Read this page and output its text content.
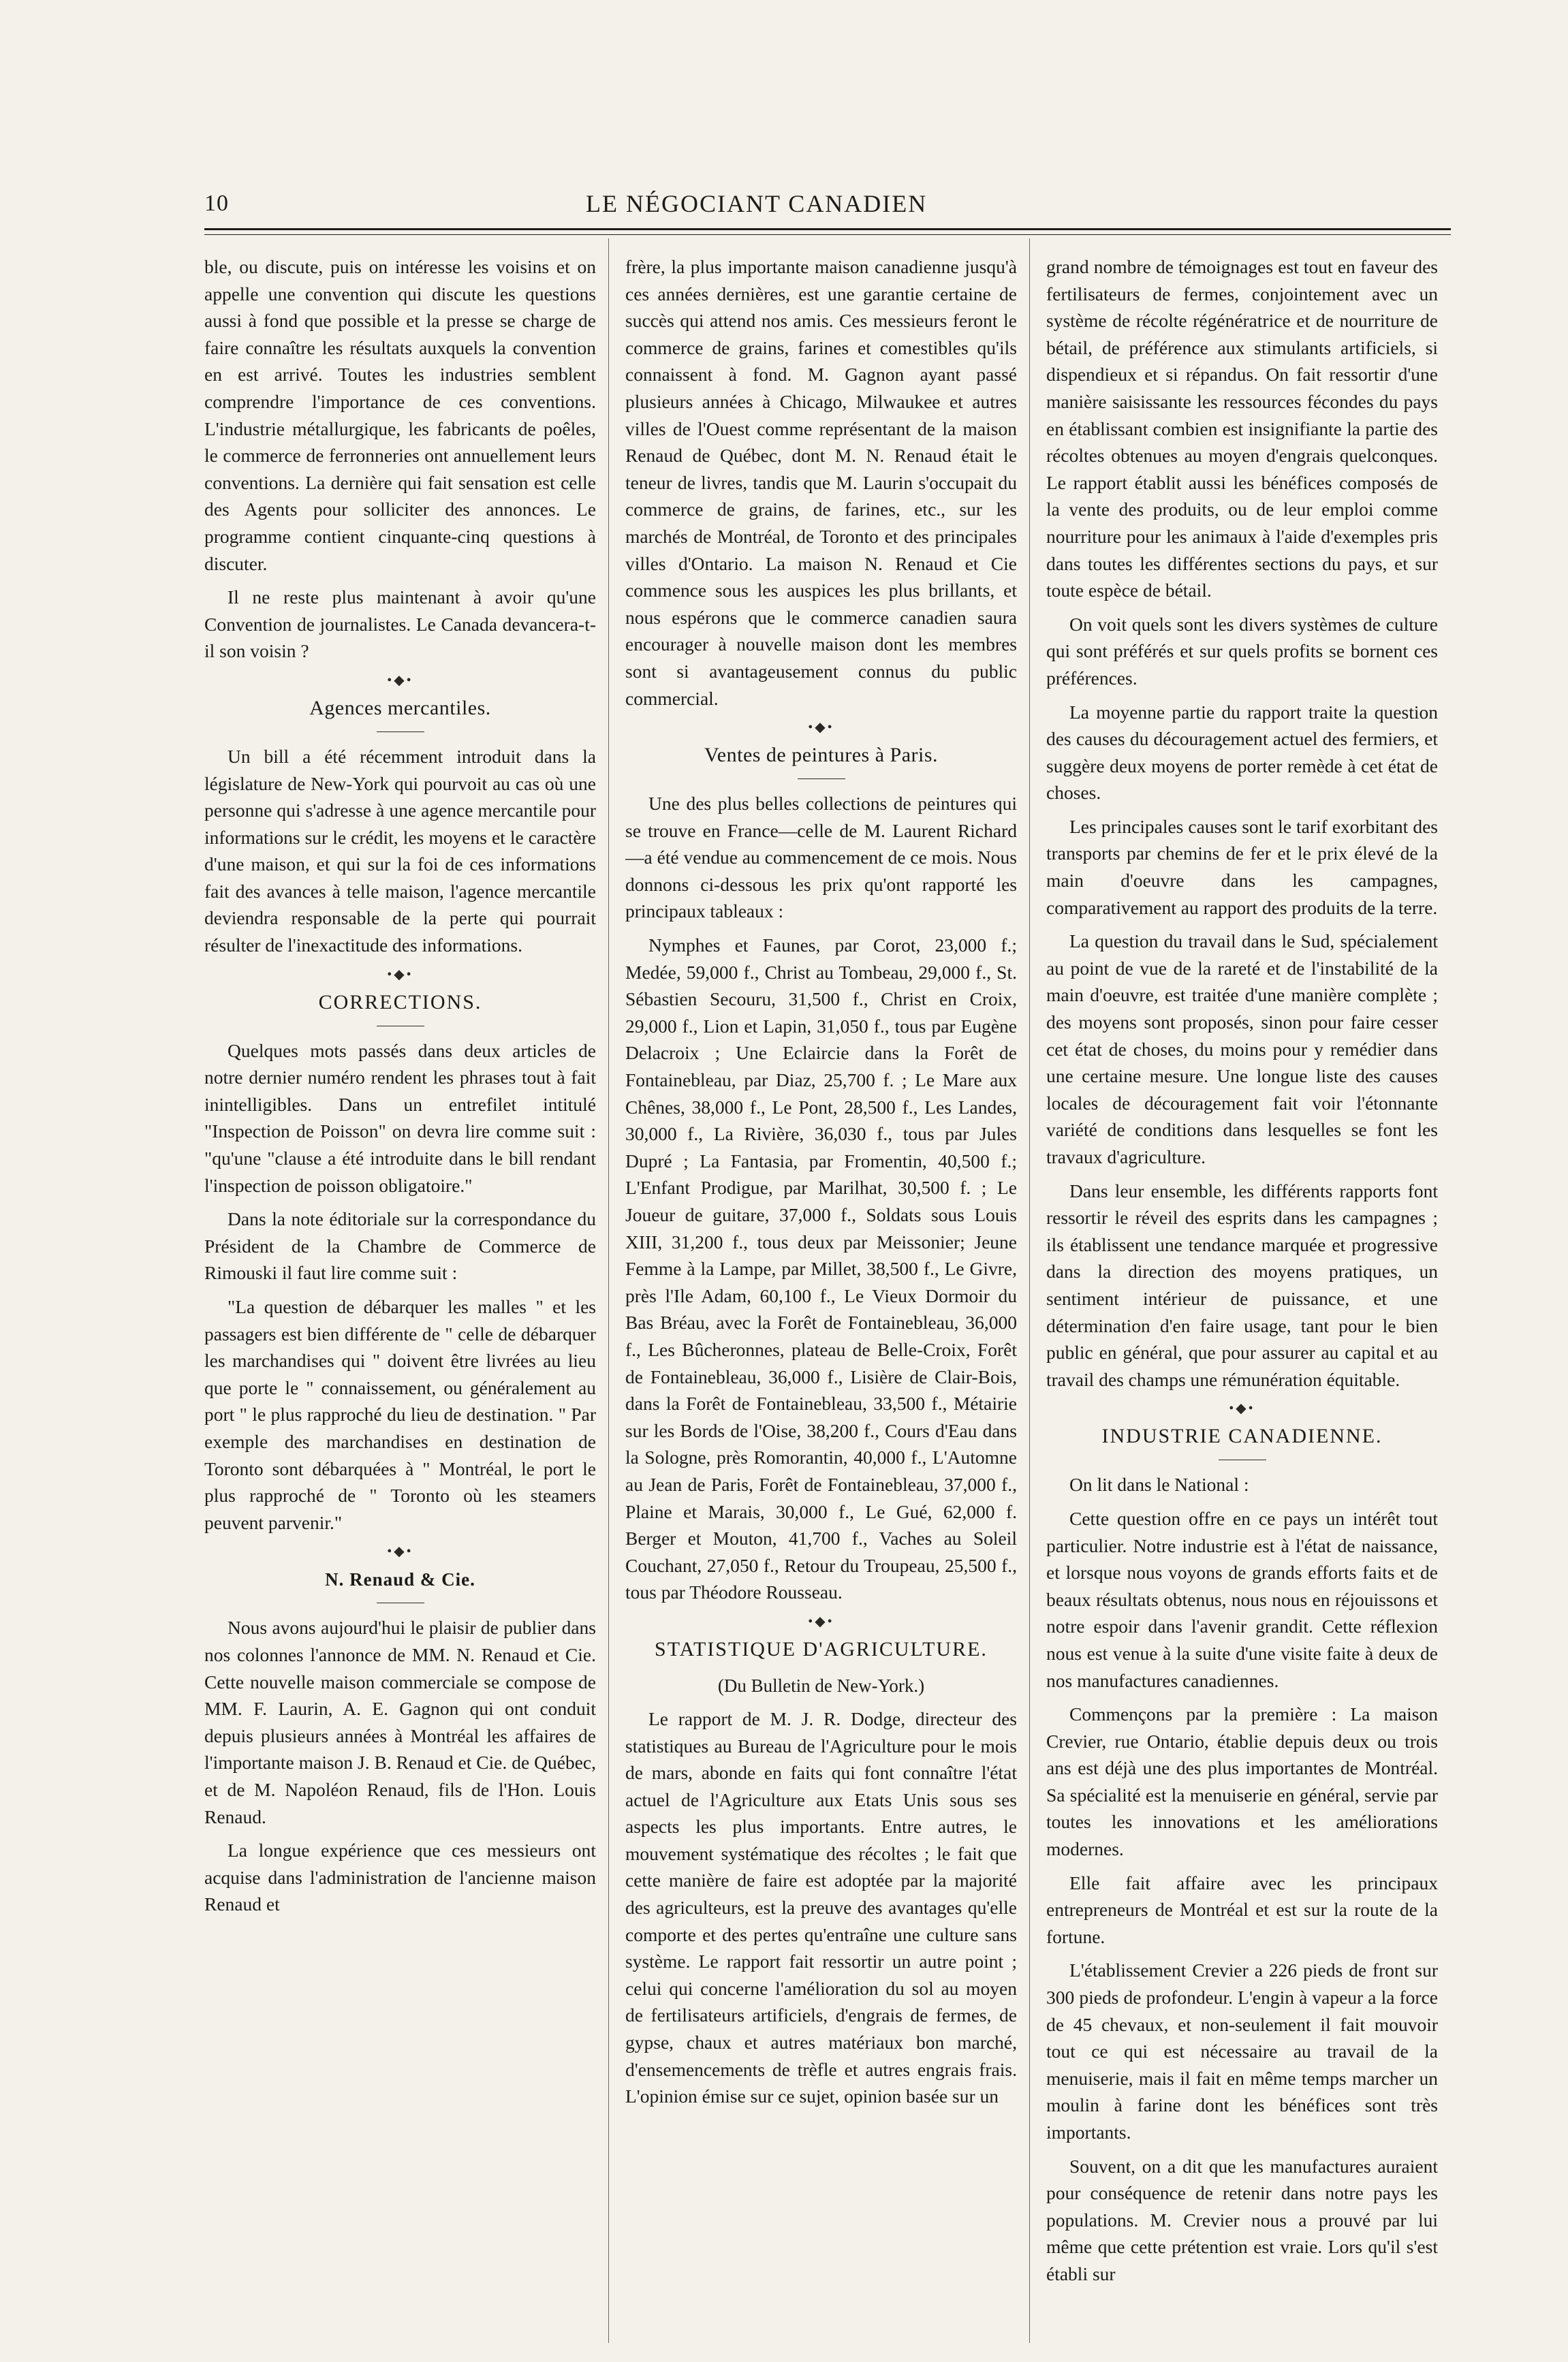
10	LE NÉGOCIANT CANADIEN

ble, ou discute, puis on intéresse les voisins et on appelle une convention qui discute les questions aussi à fond que possible et la presse se charge de faire connaître les résultats auxquels la convention en est arrivé. Toutes les industries semblent comprendre l'importance de ces conventions. L'industrie métallurgique, les fabricants de poêles, le commerce de ferronneries ont annuellement leurs conventions. La dernière qui fait sensation est celle des Agents pour solliciter des annonces. Le programme contient cinquante-cinq questions à discuter.

Il ne reste plus maintenant à avoir qu'une Convention de journalistes. Le Canada devancera-t-il son voisin ?

•◆•
Agences mercantiles.

Un bill a été récemment introduit dans la législature de New-York qui pourvoit au cas où une personne qui s'adresse à une agence mercantile pour informations sur le crédit, les moyens et le caractère d'une maison, et qui sur la foi de ces informations fait des avances à telle maison, l'agence mercantile deviendra responsable de la perte qui pourrait résulter de l'inexactitude des informations.

•◆•
CORRECTIONS.

Quelques mots passés dans deux articles de notre dernier numéro rendent les phrases tout à fait inintelligibles. Dans un entrefilet intitulé "Inspection de Poisson" on devra lire comme suit : "qu'une "clause a été introduite dans le bill rendant l'inspection de poisson obligatoire."

Dans la note éditoriale sur la correspondance du Président de la Chambre de Commerce de Rimouski il faut lire comme suit :

"La question de débarquer les malles " et les passagers est bien différente de " celle de débarquer les marchandises qui " doivent être livrées au lieu que porte le " connaissement, ou généralement au port " le plus rapproché du lieu de destination. " Par exemple des marchandises en destination de Toronto sont débarquées à " Montréal, le port le plus rapproché de " Toronto où les steamers peuvent parvenir."

•◆•
N. Renaud & Cie.

Nous avons aujourd'hui le plaisir de publier dans nos colonnes l'annonce de MM. N. Renaud et Cie. Cette nouvelle maison commerciale se compose de MM. F. Laurin, A. E. Gagnon qui ont conduit depuis plusieurs années à Montréal les affaires de l'importante maison J. B. Renaud et Cie. de Québec, et de M. Napoléon Renaud, fils de l'Hon. Louis Renaud.

La longue expérience que ces messieurs ont acquise dans l'administration de l'ancienne maison Renaud et

frère, la plus importante maison canadienne jusqu'à ces années dernières, est une garantie certaine de succès qui attend nos amis. Ces messieurs feront le commerce de grains, farines et comestibles qu'ils connaissent à fond. M. Gagnon ayant passé plusieurs années à Chicago, Milwaukee et autres villes de l'Ouest comme représentant de la maison Renaud de Québec, dont M. N. Renaud était le teneur de livres, tandis que M. Laurin s'occupait du commerce de grains, de farines, etc., sur les marchés de Montréal, de Toronto et des principales villes d'Ontario. La maison N. Renaud et Cie commence sous les auspices les plus brillants, et nous espérons que le commerce canadien saura encourager à nouvelle maison dont les membres sont si avantageusement connus du public commercial.

•◆•
Ventes de peintures à Paris.

Une des plus belles collections de peintures qui se trouve en France—celle de M. Laurent Richard—a été vendue au commencement de ce mois. Nous donnons ci-dessous les prix qu'ont rapporté les principaux tableaux :

Nymphes et Faunes, par Corot, 23,000 f.; Medée, 59,000 f., Christ au Tombeau, 29,000 f., St. Sébastien Secouru, 31,500 f., Christ en Croix, 29,000 f., Lion et Lapin, 31,050 f., tous par Eugène Delacroix ; Une Eclaircie dans la Forêt de Fontainebleau, par Diaz, 25,700 f. ; Le Mare aux Chênes, 38,000 f., Le Pont, 28,500 f., Les Landes, 30,000 f., La Rivière, 36,030 f., tous par Jules Dupré ; La Fantasia, par Fromentin, 40,500 f.; L'Enfant Prodigue, par Marilhat, 30,500 f. ; Le Joueur de guitare, 37,000 f., Soldats sous Louis XIII, 31,200 f., tous deux par Meissonier; Jeune Femme à la Lampe, par Millet, 38,500 f., Le Givre, près l'Ile Adam, 60,100 f., Le Vieux Dormoir du Bas Bréau, avec la Forêt de Fontainebleau, 36,000 f., Les Bûcheronnes, plateau de Belle-Croix, Forêt de Fontainebleau, 36,000 f., Lisière de Clair-Bois, dans la Forêt de Fontainebleau, 33,500 f., Métairie sur les Bords de l'Oise, 38,200 f., Cours d'Eau dans la Sologne, près Romorantin, 40,000 f., L'Automne au Jean de Paris, Forêt de Fontainebleau, 37,000 f., Plaine et Marais, 30,000 f., Le Gué, 62,000 f. Berger et Mouton, 41,700 f., Vaches au Soleil Couchant, 27,050 f., Retour du Troupeau, 25,500 f., tous par Théodore Rousseau.

•◆•
STATISTIQUE D'AGRICULTURE.
(Du Bulletin de New-York.)

Le rapport de M. J. R. Dodge, directeur des statistiques au Bureau de l'Agriculture pour le mois de mars, abonde en faits qui font connaître l'état actuel de l'Agriculture aux Etats Unis sous ses aspects les plus importants. Entre autres, le mouvement systématique des récoltes ; le fait que cette manière de faire est adoptée par la majorité des agriculteurs, est la preuve des avantages qu'elle comporte et des pertes qu'entraîne une culture sans système. Le rapport fait ressortir un autre point ; celui qui concerne l'amélioration du sol au moyen de fertilisateurs artificiels, d'engrais de fermes, de gypse, chaux et autres matériaux bon marché, d'ensemencements de trèfle et autres engrais frais. L'opinion émise sur ce sujet, opinion basée sur un

grand nombre de témoignages est tout en faveur des fertilisateurs de fermes, conjointement avec un système de récolte régénératrice et de nourriture de bétail, de préférence aux stimulants artificiels, si dispendieux et si répandus. On fait ressortir d'une manière saisissante les ressources fécondes du pays en établissant combien est insignifiante la partie des récoltes obtenues au moyen d'engrais quelconques. Le rapport établit aussi les bénéfices composés de la vente des produits, ou de leur emploi comme nourriture pour les animaux à l'aide d'exemples pris dans toutes les différentes sections du pays, et sur toute espèce de bétail.

On voit quels sont les divers systèmes de culture qui sont préférés et sur quels profits se bornent ces préférences.

La moyenne partie du rapport traite la question des causes du découragement actuel des fermiers, et suggère deux moyens de porter remède à cet état de choses.

Les principales causes sont le tarif exorbitant des transports par chemins de fer et le prix élevé de la main d'oeuvre dans les campagnes, comparativement au rapport des produits de la terre.

La question du travail dans le Sud, spécialement au point de vue de la rareté et de l'instabilité de la main d'oeuvre, est traitée d'une manière complète ; des moyens sont proposés, sinon pour faire cesser cet état de choses, du moins pour y remédier dans une certaine mesure. Une longue liste des causes locales de découragement fait voir l'étonnante variété de conditions dans lesquelles se font les travaux d'agriculture.

Dans leur ensemble, les différents rapports font ressortir le réveil des esprits dans les campagnes ; ils établissent une tendance marquée et progressive dans la direction des moyens pratiques, un sentiment intérieur de puissance, et une détermination d'en faire usage, tant pour le bien public en général, que pour assurer au capital et au travail des champs une rémunération équitable.

•◆•
INDUSTRIE CANADIENNE.

On lit dans le National :

Cette question offre en ce pays un intérêt tout particulier. Notre industrie est à l'état de naissance, et lorsque nous voyons de grands efforts faits et de beaux résultats obtenus, nous nous en réjouissons et notre espoir dans l'avenir grandit. Cette réflexion nous est venue à la suite d'une visite faite à deux de nos manufactures canadiennes.

Commençons par la première : La maison Crevier, rue Ontario, établie depuis deux ou trois ans est déjà une des plus importantes de Montréal. Sa spécialité est la menuiserie en général, servie par toutes les innovations et les améliorations modernes.

Elle fait affaire avec les principaux entrepreneurs de Montréal et est sur la route de la fortune.

L'établissement Crevier a 226 pieds de front sur 300 pieds de profondeur. L'engin à vapeur a la force de 45 chevaux, et non-seulement il fait mouvoir tout ce qui est nécessaire au travail de la menuiserie, mais il fait en même temps marcher un moulin à farine dont les bénéfices sont très importants.

Souvent, on a dit que les manufactures auraient pour conséquence de retenir dans notre pays les populations. M. Crevier nous a prouvé par lui même que cette prétention est vraie. Lors qu'il s'est établi sur
